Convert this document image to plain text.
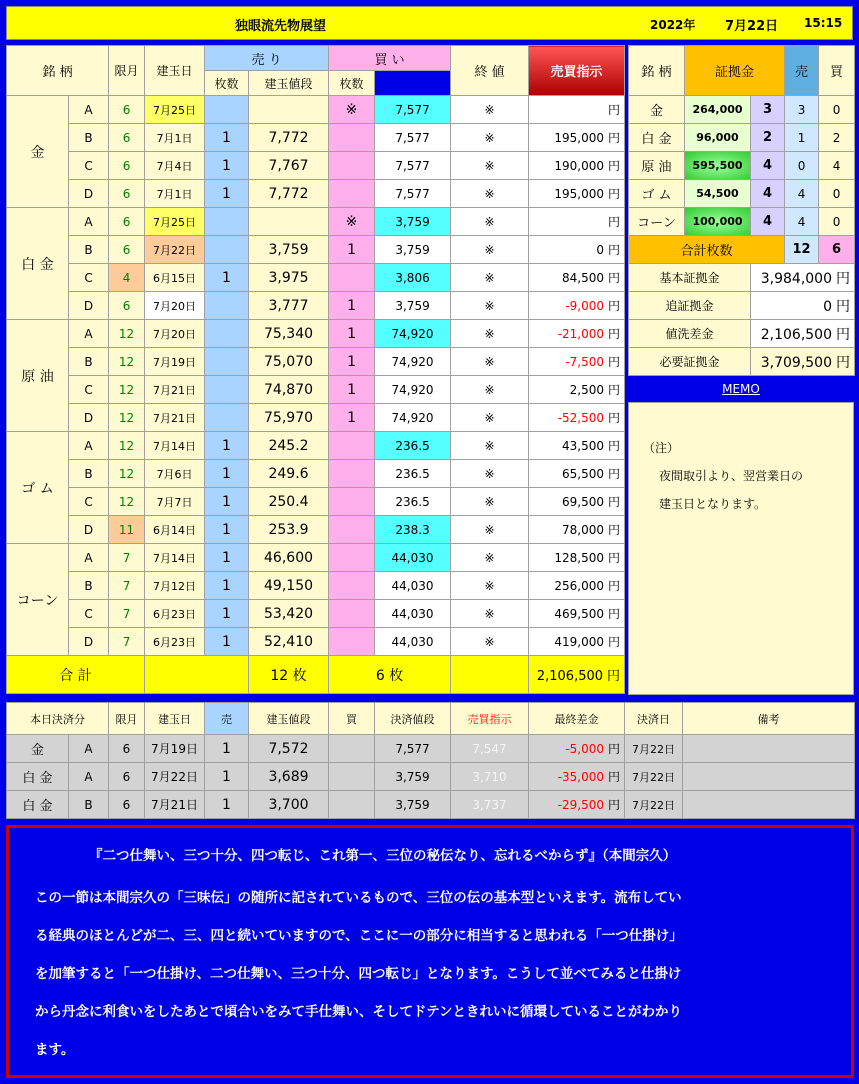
独眼流先物展望	2022年 7月22日 15:15
銘 柄		限月	建玉日	売 り		買 い		終 値	売買指示	
				枚数	建玉値段	枚数				
金	A	6	7月25日			※	7,577	※	円	
	B	6	7月1日	1	7,772		7,577	※	195,000 円	
	C	6	7月4日	1	7,767		7,577	※	190,000 円	
	D	6	7月1日	1	7,772		7,577	※	195,000 円	
白 金	A	6	7月25日			※	3,759	※	円	
	B	6	7月22日		3,759	1	3,759	※	0 円	
	C	4	6月15日	1	3,975		3,806	※	84,500 円	
	D	6	7月20日		3,777	1	3,759	※	-9,000 円	
原 油	A	12	7月20日		75,340	1	74,920	※	-21,000 円	
	B	12	7月19日		75,070	1	74,920	※	-7,500 円	
	C	12	7月21日		74,870	1	74,920	※	2,500 円	
	D	12	7月21日		75,970	1	74,920	※	-52,500 円	
ゴ ム	A	12	7月14日	1	245.2		236.5	※	43,500 円	
	B	12	7月6日	1	249.6		236.5	※	65,500 円	
	C	12	7月7日	1	250.4		236.5	※	69,500 円	
	D	11	6月14日	1	253.9		238.3	※	78,000 円	
コーン	A	7	7月14日	1	46,600		44,030	※	128,500 円	
	B	7	7月12日	1	49,150		44,030	※	256,000 円	
	C	7	6月23日	1	53,420		44,030	※	469,500 円	
	D	7	6月23日	1	52,410		44,030	※	419,000 円	
合 計					12 枚	6 枚			2,106,500 円	
銘 柄	証拠金		売	買
金	264,000	3	3	0
白 金	96,000	2	1	2
原 油	595,500	4	0	4
ゴ ム	54,500	4	4	0
コーン	100,000	4	4	0
合計枚数			12	6
基本証拠金		3,984,000 円		
追証拠金		0 円		
値洗差金		2,106,500 円		
必要証拠金		3,709,500 円		
MEMO
（注）
夜間取引より、翌営業日の
建玉日となります。
本日決済分		限月	建玉日	売	建玉値段	買	決済値段	売買指示	最終差金	決済日	備考
金	A	6	7月19日	1	7,572		7,577	7,547	-5,000 円	7月22日	
白 金	A	6	7月22日	1	3,689		3,759	3,710	-35,000 円	7月22日	
白 金	B	6	7月21日	1	3,700		3,759	3,737	-29,500 円	7月22日	
『二つ仕舞い、三つ十分、四つ転じ、これ第一、三位の秘伝なり、忘れるべからず』（本間宗久）
この一節は本間宗久の「三味伝」の随所に記されているもので、三位の伝の基本型といえます。流布してい
る経典のほとんどが二、三、四と続いていますので、ここに一の部分に相当すると思われる「一つ仕掛け」
を加筆すると「一つ仕掛け、二つ仕舞い、三つ十分、四つ転じ」となります。こうして並べてみると仕掛け
から丹念に利食いをしたあとで頃合いをみて手仕舞い、そしてドテンときれいに循環していることがわかり
ます。
